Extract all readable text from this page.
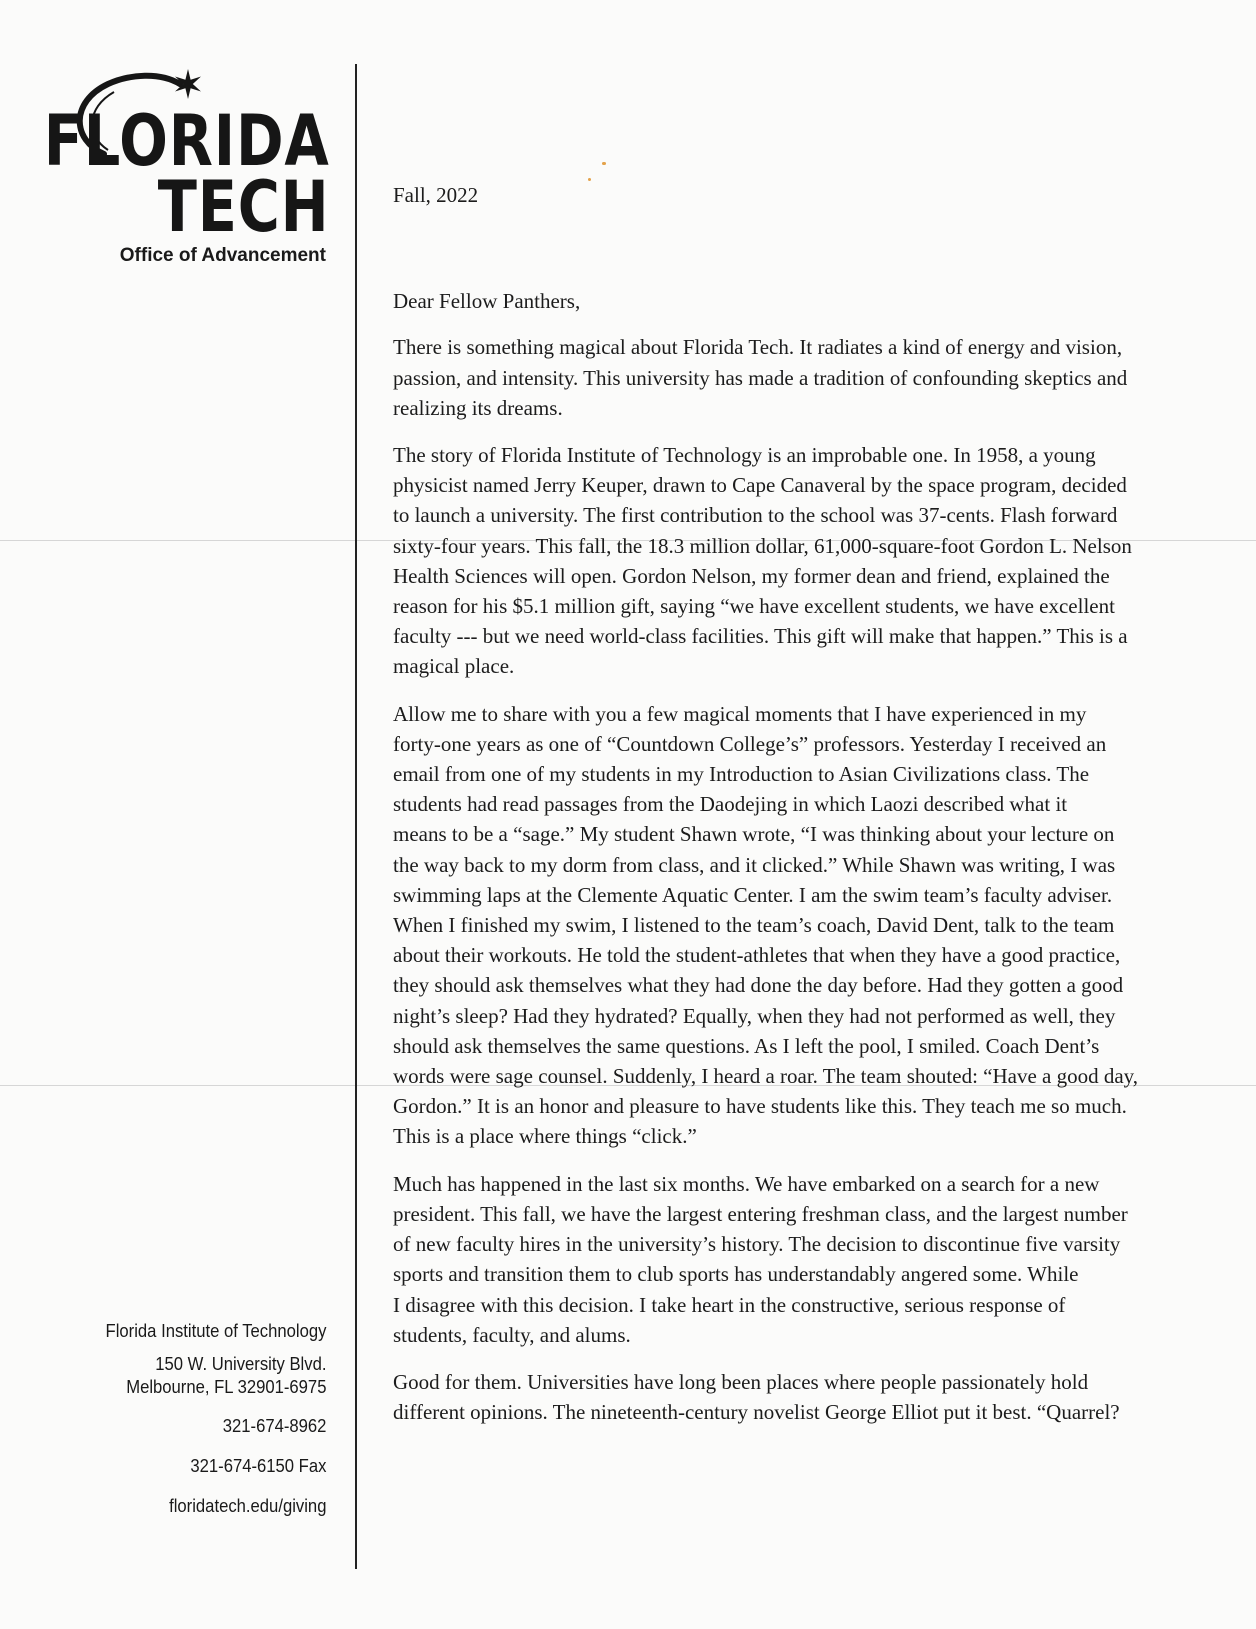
FLORIDA
TECH
Office of Advancement
Fall, 2022
Dear Fellow Panthers,

There is something magical about Florida Tech. It radiates a kind of energy and vision,
passion, and intensity. This university has made a tradition of confounding skeptics and
realizing its dreams.

The story of Florida Institute of Technology is an improbable one. In 1958, a young
physicist named Jerry Keuper, drawn to Cape Canaveral by the space program, decided
to launch a university. The first contribution to the school was 37-cents. Flash forward
sixty-four years. This fall, the 18.3 million dollar, 61,000-square-foot Gordon L. Nelson
Health Sciences will open. Gordon Nelson, my former dean and friend, explained the
reason for his $5.1 million gift, saying “we have excellent students, we have excellent
faculty --- but we need world-class facilities. This gift will make that happen.” This is a
magical place.

Allow me to share with you a few magical moments that I have experienced in my
forty-one years as one of “Countdown College’s” professors. Yesterday I received an
email from one of my students in my Introduction to Asian Civilizations class. The
students had read passages from the Daodejing in which Laozi described what it
means to be a “sage.” My student Shawn wrote, “I was thinking about your lecture on
the way back to my dorm from class, and it clicked.” While Shawn was writing, I was
swimming laps at the Clemente Aquatic Center. I am the swim team’s faculty adviser.
When I finished my swim, I listened to the team’s coach, David Dent, talk to the team
about their workouts. He told the student-athletes that when they have a good practice,
they should ask themselves what they had done the day before. Had they gotten a good
night’s sleep? Had they hydrated? Equally, when they had not performed as well, they
should ask themselves the same questions. As I left the pool, I smiled. Coach Dent’s
words were sage counsel. Suddenly, I heard a roar. The team shouted: “Have a good day,
Gordon.” It is an honor and pleasure to have students like this. They teach me so much.
This is a place where things “click.”

Much has happened in the last six months. We have embarked on a search for a new
president. This fall, we have the largest entering freshman class, and the largest number
of new faculty hires in the university’s history. The decision to discontinue five varsity
sports and transition them to club sports has understandably angered some. While
I disagree with this decision. I take heart in the constructive, serious response of
students, faculty, and alums.

Good for them. Universities have long been places where people passionately hold
different opinions. The nineteenth-century novelist George Elliot put it best. “Quarrel?

Florida Institute of Technology
150 W. University Blvd.
Melbourne, FL 32901-6975
321-674-8962
321-674-6150 Fax
floridatech.edu/giving
